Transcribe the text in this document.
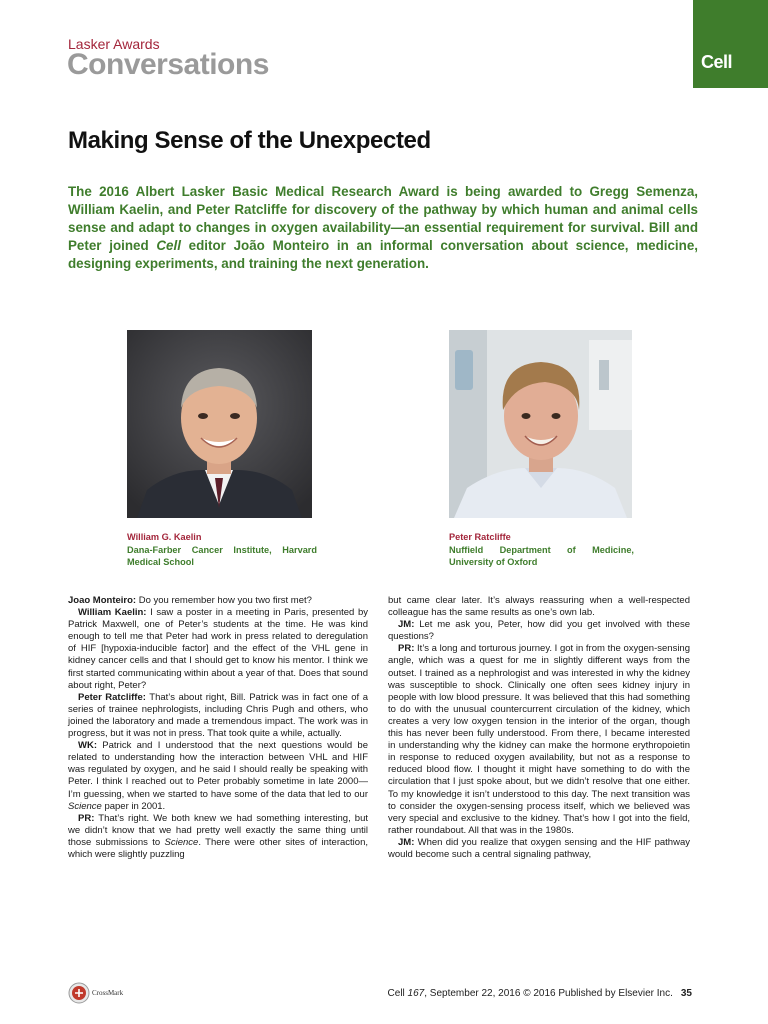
Cell
Lasker Awards
Conversations
Making Sense of the Unexpected
The 2016 Albert Lasker Basic Medical Research Award is being awarded to Gregg Semenza, William Kaelin, and Peter Ratcliffe for discovery of the pathway by which human and animal cells sense and adapt to changes in oxygen availability—an essential requirement for survival. Bill and Peter joined Cell editor João Monteiro in an informal conversation about science, medicine, designing experiments, and training the next generation.
William G. Kaelin
Dana-Farber Cancer Institute, Harvard Medical School
Peter Ratcliffe
Nuffield Department of Medicine, University of Oxford

Joao Monteiro: Do you remember how you two first met?

William Kaelin: I saw a poster in a meeting in Paris, presented by Patrick Maxwell, one of Peter’s students at the time. He was kind enough to tell me that Peter had work in press related to deregulation of HIF [hypoxia-inducible factor] and the effect of the VHL gene in kidney cancer cells and that I should get to know his mentor. I think we first started communicating within about a year of that. Does that sound about right, Peter?

Peter Ratcliffe: That’s about right, Bill. Patrick was in fact one of a series of trainee nephrologists, including Chris Pugh and others, who joined the laboratory and made a tremendous impact. The work was in progress, but it was not in press. That took quite a while, actually.

WK: Patrick and I understood that the next questions would be related to understanding how the interaction between VHL and HIF was regulated by oxygen, and he said I should really be speaking with Peter. I think I reached out to Peter probably sometime in late 2000—I’m guessing, when we started to have some of the data that led to our Science paper in 2001.

PR: That’s right. We both knew we had something interesting, but we didn’t know that we had pretty well exactly the same thing until those submissions to Science. There were other sites of interaction, which were slightly puzzling

but came clear later. It’s always reassuring when a well-respected colleague has the same results as one’s own lab.

JM: Let me ask you, Peter, how did you get involved with these questions?

PR: It’s a long and torturous journey. I got in from the oxygen-sensing angle, which was a quest for me in slightly different ways from the outset. I trained as a nephrologist and was interested in why the kidney was susceptible to shock. Clinically one often sees kidney injury in people with low blood pressure. It was believed that this had something to do with the unusual countercurrent circulation of the kidney, which creates a very low oxygen tension in the interior of the organ, though this has never been fully understood. From there, I became interested in understanding why the kidney can make the hormone erythropoietin in response to reduced oxygen availability, but not as a response to reduced blood flow. I thought it might have something to do with the circulation that I just spoke about, but we didn’t resolve that one either. To my knowledge it isn’t understood to this day. The next transition was to consider the oxygen-sensing process itself, which we believed was very special and exclusive to the kidney. That’s how I got into the field, rather roundabout. All that was in the 1980s.

JM: When did you realize that oxygen sensing and the HIF pathway would become such a central signaling pathway,

CrossMark	Cell 167, September 22, 2016 © 2016 Published by Elsevier Inc. 35
